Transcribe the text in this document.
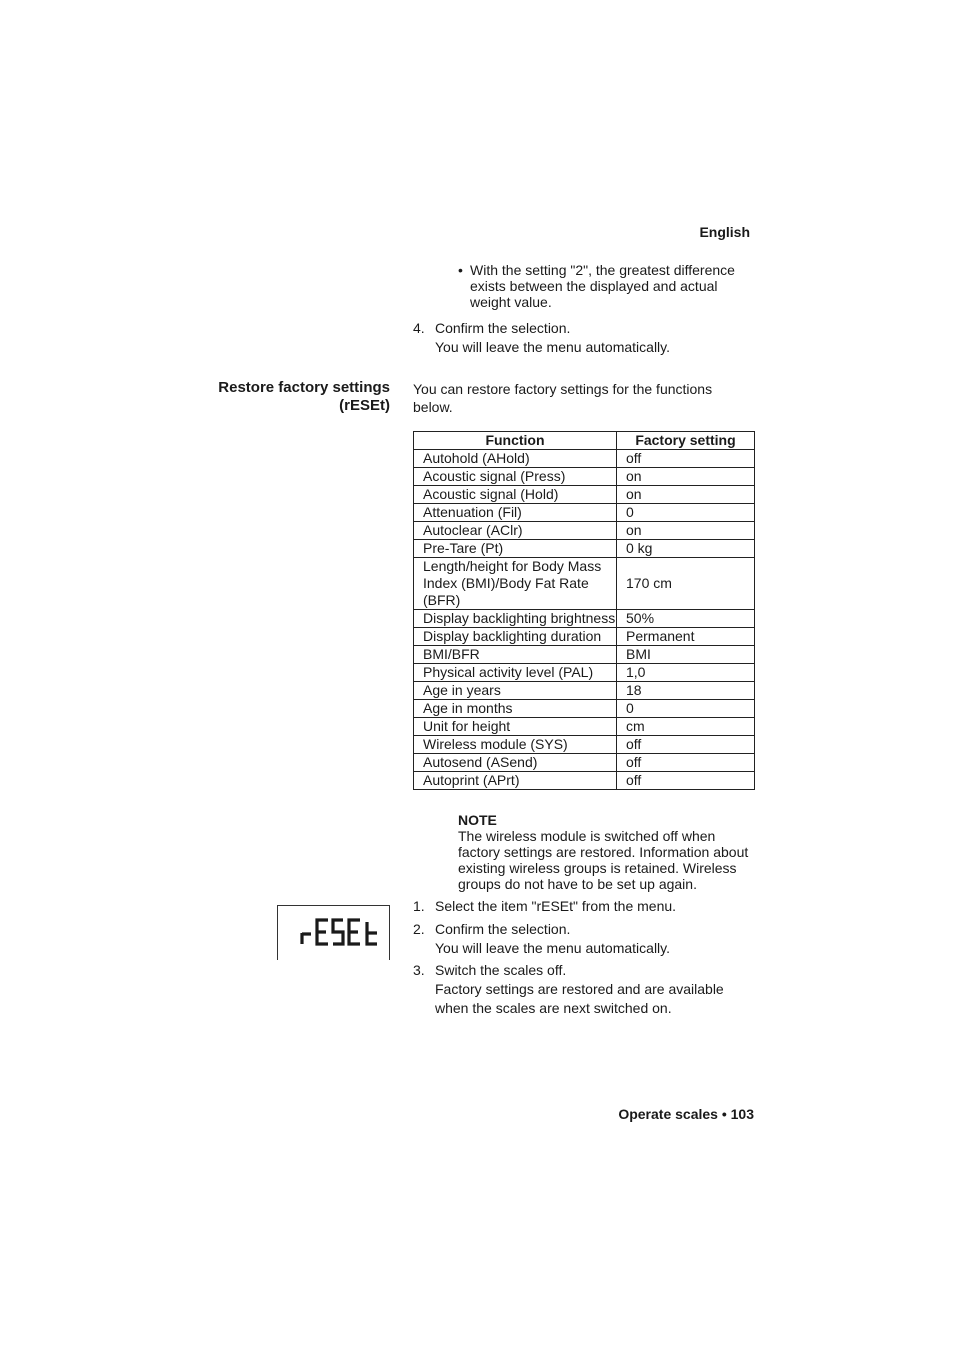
English
• With the setting "2", the greatest difference exists between the displayed and actual weight value.
4. Confirm the selection.
You will leave the menu automatically.
Restore factory settings
(rESEt)
You can restore factory settings for the functions below.
Function	Factory setting
Autohold (AHold)	off
Acoustic signal (Press)	on
Acoustic signal (Hold)	on
Attenuation (Fil)	0
Autoclear (AClr)	on
Pre-Tare (Pt)	0 kg
Length/height for Body Mass Index (BMI)/Body Fat Rate (BFR)	170 cm
Display backlighting brightness	50%
Display backlighting duration	Permanent
BMI/BFR	BMI
Physical activity level (PAL)	1,0
Age in years	18
Age in months	0
Unit for height	cm
Wireless module (SYS)	off
Autosend (ASend)	off
Autoprint (APrt)	off
NOTE
The wireless module is switched off when factory settings are restored. Information about existing wireless groups is retained. Wireless groups do not have to be set up again.
1. Select the item "rESEt" from the menu.
2. Confirm the selection.
You will leave the menu automatically.
3. Switch the scales off.
Factory settings are restored and are available when the scales are next switched on.
Operate scales • 103
